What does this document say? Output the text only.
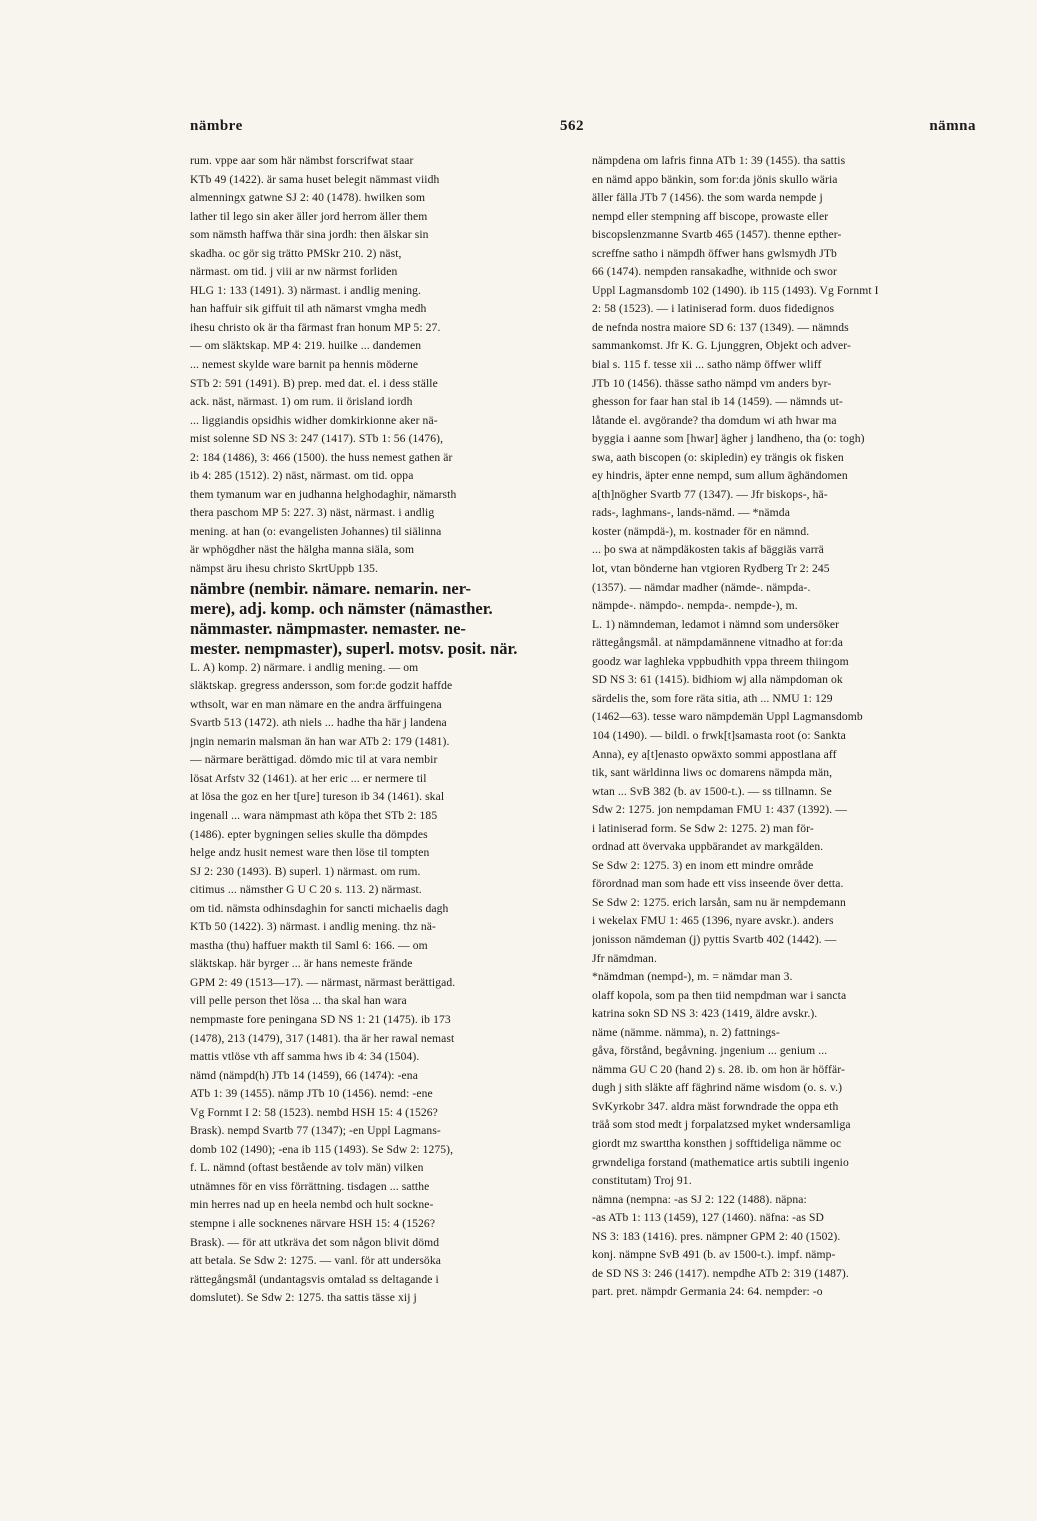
nämbre	562	nämna
rum. vppe aar som här nämbst forscrifwat staar
KTb 49 (1422). är sama huset belegit nämmast viidh
almenningx gatwne SJ 2: 40 (1478). hwilken som
lather til lego sin aker äller jord herrom äller them
som nämsth haffwa thär sina jordh: then älskar sin
skadha. oc gör sig trätto PMSkr 210. 2) näst,
närmast. om tid. j viii ar nw närmst forliden
HLG 1: 133 (1491). 3) närmast. i andlig mening.
han haffuir sik giffuit til ath nämarst vmgha medh
ihesu christo ok är tha färmast fran honum MP 5: 27.
— om släktskap. MP 4: 219. huilke ... dandemen
... nemest skylde ware barnit pa hennis möderne
STb 2: 591 (1491). B) prep. med dat. el. i dess ställe
ack. näst, närmast. 1) om rum. ii örisland iordh
... liggiandis opsidhis widher domkirkionne aker nä-
mist solenne SD NS 3: 247 (1417). STb 1: 56 (1476),
2: 184 (1486), 3: 466 (1500). the huss nemest gathen är
ib 4: 285 (1512). 2) näst, närmast. om tid. oppa
them tymanum war en judhanna helghodaghir, nämarsth
thera paschom MP 5: 227. 3) näst, närmast. i andlig
mening. at han (o: evangelisten Johannes) til siälinna
är wphögdher näst the hälgha manna siäla, som
nämpst äru ihesu christo SkrtUppb 135.
nämbre (nembir. nämare. nemarin. ner-
mere), adj. komp. och nämster (nämasther.
nämmaster. nämpmaster. nemaster. ne-
mester. nempmaster), superl. motsv. posit. när.
L. A) komp. 2) närmare. i andlig mening. — om
släktskap. gregress andersson, som for:de godzit haffde
wthsolt, war en man nämare en the andra ärffuingena
Svartb 513 (1472). ath niels ... hadhe tha här j landena
jngin nemarin malsman än han war ATb 2: 179 (1481).
— närmare berättigad. dömdo mic til at vara nembir
lösat Arfstv 32 (1461). at her eric ... er nermere til
at lösa the goz en her t[ure] tureson ib 34 (1461). skal
ingenall ... wara nämpmast ath köpa thet STb 2: 185
(1486). epter bygningen selies skulle tha dömpdes
helge andz husit nemest ware then löse til tompten
SJ 2: 230 (1493). B) superl. 1) närmast. om rum.
citimus ... nämsther G U C 20 s. 113. 2) närmast.
om tid. nämsta odhinsdaghin for sancti michaelis dagh
KTb 50 (1422). 3) närmast. i andlig mening. thz nä-
mastha (thu) haffuer makth til Saml 6: 166. — om
släktskap. här byrger ... är hans nemeste frände
GPM 2: 49 (1513—17). — närmast, närmast berättigad.
vill pelle person thet lösa ... tha skal han wara
nempmaste fore peningana SD NS 1: 21 (1475). ib 173
(1478), 213 (1479), 317 (1481). tha är her rawal nemast
mattis vtlöse vth aff samma hws ib 4: 34 (1504).
nämd (nämpd(h) JTb 14 (1459), 66 (1474): -ena
ATb 1: 39 (1455). nämp JTb 10 (1456). nemd: -ene
Vg Fornmt I 2: 58 (1523). nembd HSH 15: 4 (1526?
Brask). nempd Svartb 77 (1347); -en Uppl Lagmans-
domb 102 (1490); -ena ib 115 (1493). Se Sdw 2: 1275),
f. L. nämnd (oftast bestående av tolv män) vilken
utnämnes för en viss förrättning. tisdagen ... satthe
min herres nad up en heela nembd och hult sockne-
stempne i alle socknenes närvare HSH 15: 4 (1526?
Brask). — för att utkräva det som någon blivit dömd
att betala. Se Sdw 2: 1275. — vanl. för att undersöka
rättegångsmål (undantagsvis omtalad ss deltagande i
domslutet). Se Sdw 2: 1275. tha sattis tässe xij j
nämpdena om lafris finna ATb 1: 39 (1455). tha sattis
en nämd appo bänkin, som for:da jönis skullo wäria
äller fälla JTb 7 (1456). the som warda nempde j
nempd eller stempning aff biscope, prowaste eller
biscopslenzmanne Svartb 465 (1457). thenne epther-
screffne satho i nämpdh öffwer hans gwlsmydh JTb
66 (1474). nempden ransakadhe, withnide och swor
Uppl Lagmansdomb 102 (1490). ib 115 (1493). Vg Fornmt I
2: 58 (1523). — i latiniserad form. duos fidedignos
de nefnda nostra maiore SD 6: 137 (1349). — nämnds
sammankomst. Jfr K. G. Ljunggren, Objekt och adver-
bial s. 115 f. tesse xii ... satho nämp öffwer wliff
JTb 10 (1456). thässe satho nämpd vm anders byr-
ghesson for faar han stal ib 14 (1459). — nämnds ut-
låtande el. avgörande? tha domdum wi ath hwar ma
byggia i aanne som [hwar] ägher j landheno, tha (o: togh)
swa, aath biscopen (o: skipledin) ey trängis ok fisken
ey hindris, äpter enne nempd, sum allum äghändomen
a[th]nögher Svartb 77 (1347). — Jfr biskops-, hä-
rads-, laghmans-, lands-nämd. — *nämda
koster (nämpdä-), m. kostnader för en nämnd.
... þo swa at nämpdäkosten takis af bäggiäs varrä
lot, vtan bönderne han vtgioren Rydberg Tr 2: 245
(1357). — nämdar madher (nämde-. nämpda-.
nämpde-. nämpdo-. nempda-. nempde-), m.
L. 1) nämndeman, ledamot i nämnd som undersöker
rättegångsmål. at nämpdamännene vitnadho at for:da
goodz war laghleka vppbudhith vppa threem thiingom
SD NS 3: 61 (1415). bidhiom wj alla nämpdoman ok
särdelis the, som fore räta sitia, ath ... NMU 1: 129
(1462—63). tesse waro nämpdemän Uppl Lagmansdomb
104 (1490). — bildl. o frwk[t]samasta root (o: Sankta
Anna), ey a[t]enasto opwäxto sommi appostlana aff
tik, sant wärldinna liws oc domarens nämpda män,
wtan ... SvB 382 (b. av 1500-t.). — ss tillnamn. Se
Sdw 2: 1275. jon nempdaman FMU 1: 437 (1392). —
i latiniserad form. Se Sdw 2: 1275. 2) man för-
ordnad att övervaka uppbärandet av markgälden.
Se Sdw 2: 1275. 3) en inom ett mindre område
förordnad man som hade ett viss inseende över detta.
Se Sdw 2: 1275. erich larsån, sam nu är nempdemann
i wekelax FMU 1: 465 (1396, nyare avskr.). anders
jonisson nämdeman (j) pyttis Svartb 402 (1442). —
Jfr nämdman.
*nämdman (nempd-), m. = nämdar man 3.
olaff kopola, som pa then tiid nempdman war i sancta
katrina sokn SD NS 3: 423 (1419, äldre avskr.).
näme (nämme. nämma), n. 2) fattnings-
gåva, förstånd, begåvning. jngenium ... genium ...
nämma GU C 20 (hand 2) s. 28. ib. om hon är höffär-
dugh j sith släkte aff fäghrind näme wisdom (o. s. v.)
SvKyrkobr 347. aldra mäst forwndrade the oppa eth
träå som stod medt j forpalatzsed myket wndersamliga
giordt mz swarttha konsthen j sofftideliga nämme oc
grwndeliga forstand (mathematice artis subtili ingenio
constitutam) Troj 91.
nämna (nempna: -as SJ 2: 122 (1488). näpna:
-as ATb 1: 113 (1459), 127 (1460). näfna: -as SD
NS 3: 183 (1416). pres. nämpner GPM 2: 40 (1502).
konj. nämpne SvB 491 (b. av 1500-t.). impf. nämp-
de SD NS 3: 246 (1417). nempdhe ATb 2: 319 (1487).
part. pret. nämpdr Germania 24: 64. nempder: -o
